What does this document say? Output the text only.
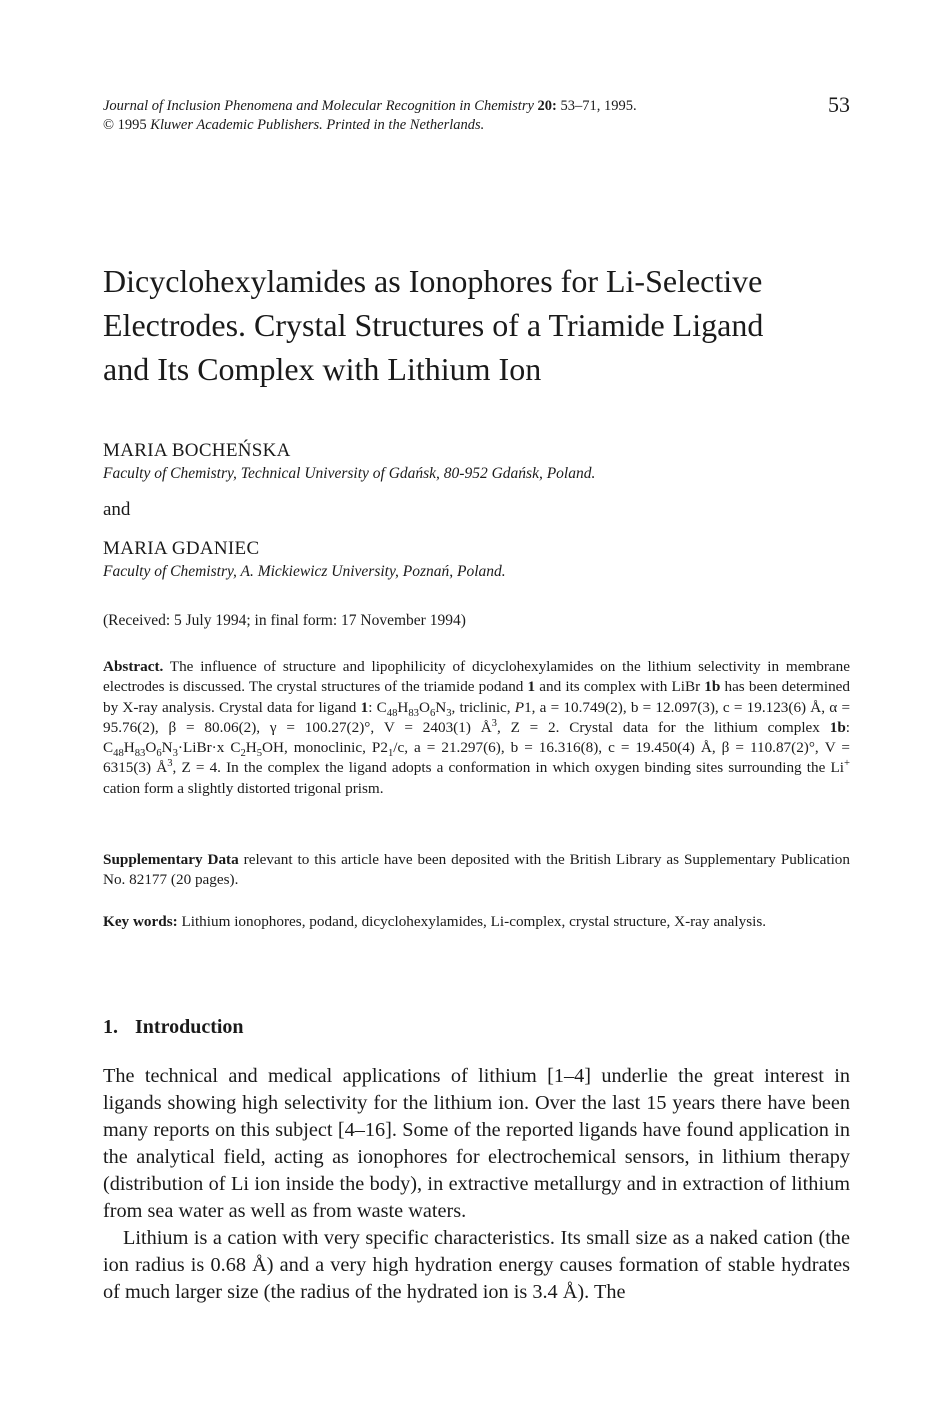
Journal of Inclusion Phenomena and Molecular Recognition in Chemistry 20: 53–71, 1995.
© 1995 Kluwer Academic Publishers. Printed in the Netherlands.
53
Dicyclohexylamides as Ionophores for Li-Selective
Electrodes. Crystal Structures of a Triamide Ligand
and Its Complex with Lithium Ion
MARIA BOCHEŃSKA
Faculty of Chemistry, Technical University of Gdańsk, 80-952 Gdańsk, Poland.
and
MARIA GDANIEC
Faculty of Chemistry, A. Mickiewicz University, Poznań, Poland.
(Received: 5 July 1994; in final form: 17 November 1994)
Abstract. The influence of structure and lipophilicity of dicyclohexylamides on the lithium selectivity in membrane electrodes is discussed. The crystal structures of the triamide podand 1 and its complex with LiBr 1b has been determined by X-ray analysis. Crystal data for ligand 1: $C_{48}H_{83}O_6N_3$, triclinic, P1, a = 10.749(2), b = 12.097(3), c = 19.123(6) Å, α = 95.76(2), β = 80.06(2), γ = 100.27(2)°, V = 2403(1) $Å^3$, Z = 2. Crystal data for the lithium complex 1b: $C_{48}H_{83}O_6N_3\cdot LiBr\cdot x$ $C_2H_5OH$, monoclinic, $P2_1/c$, a = 21.297(6), b = 16.316(8), c = 19.450(4) Å, β = 110.87(2)°, V = 6315(3) $Å^3$, Z = 4. In the complex the ligand adopts a conformation in which oxygen binding sites surrounding the Li+ cation form a slightly distorted trigonal prism.
Supplementary Data relevant to this article have been deposited with the British Library as Supplementary Publication No. 82177 (20 pages).
Key words: Lithium ionophores, podand, dicyclohexylamides, Li-complex, crystal structure, X-ray analysis.
1. Introduction

The technical and medical applications of lithium [1–4] underlie the great interest in ligands showing high selectivity for the lithium ion. Over the last 15 years there have been many reports on this subject [4–16]. Some of the reported ligands have found application in the analytical field, acting as ionophores for electrochemical sensors, in lithium therapy (distribution of Li ion inside the body), in extractive metallurgy and in extraction of lithium from sea water as well as from waste waters.

Lithium is a cation with very specific characteristics. Its small size as a naked cation (the ion radius is 0.68 Å) and a very high hydration energy causes formation of stable hydrates of much larger size (the radius of the hydrated ion is 3.4 Å). The
